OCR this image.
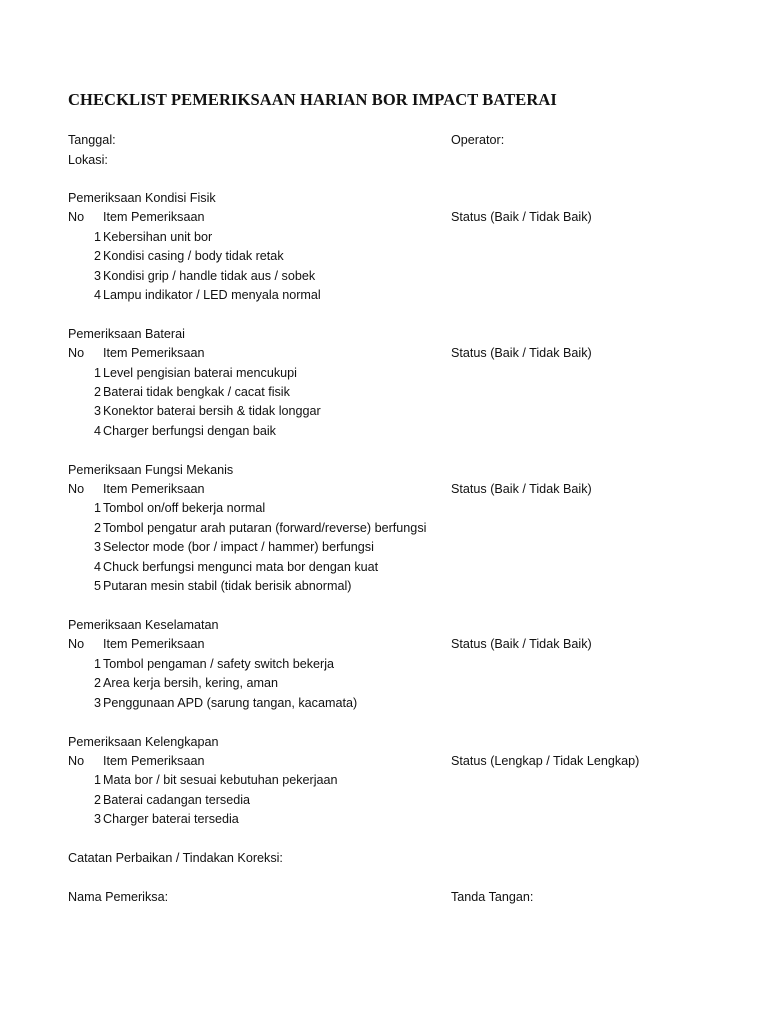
CHECKLIST PEMERIKSAAN HARIAN BOR IMPACT BATERAI
Tanggal:	Operator:
Lokasi:
Pemeriksaan Kondisi Fisik
No Item Pemeriksaan	Status (Baik / Tidak Baik)
1 Kebersihan unit bor
2 Kondisi casing / body tidak retak
3 Kondisi grip / handle tidak aus / sobek
4 Lampu indikator / LED menyala normal
Pemeriksaan Baterai
No Item Pemeriksaan	Status (Baik / Tidak Baik)
1 Level pengisian baterai mencukupi
2 Baterai tidak bengkak / cacat fisik
3 Konektor baterai bersih & tidak longgar
4 Charger berfungsi dengan baik
Pemeriksaan Fungsi Mekanis
No Item Pemeriksaan	Status (Baik / Tidak Baik)
1 Tombol on/off bekerja normal
2 Tombol pengatur arah putaran (forward/reverse) berfungsi
3 Selector mode (bor / impact / hammer) berfungsi
4 Chuck berfungsi mengunci mata bor dengan kuat
5 Putaran mesin stabil (tidak berisik abnormal)
Pemeriksaan Keselamatan
No Item Pemeriksaan	Status (Baik / Tidak Baik)
1 Tombol pengaman / safety switch bekerja
2 Area kerja bersih, kering, aman
3 Penggunaan APD (sarung tangan, kacamata)
Pemeriksaan Kelengkapan
No Item Pemeriksaan	Status (Lengkap / Tidak Lengkap)
1 Mata bor / bit sesuai kebutuhan pekerjaan
2 Baterai cadangan tersedia
3 Charger baterai tersedia
Catatan Perbaikan / Tindakan Koreksi:
Nama Pemeriksa:	Tanda Tangan:
